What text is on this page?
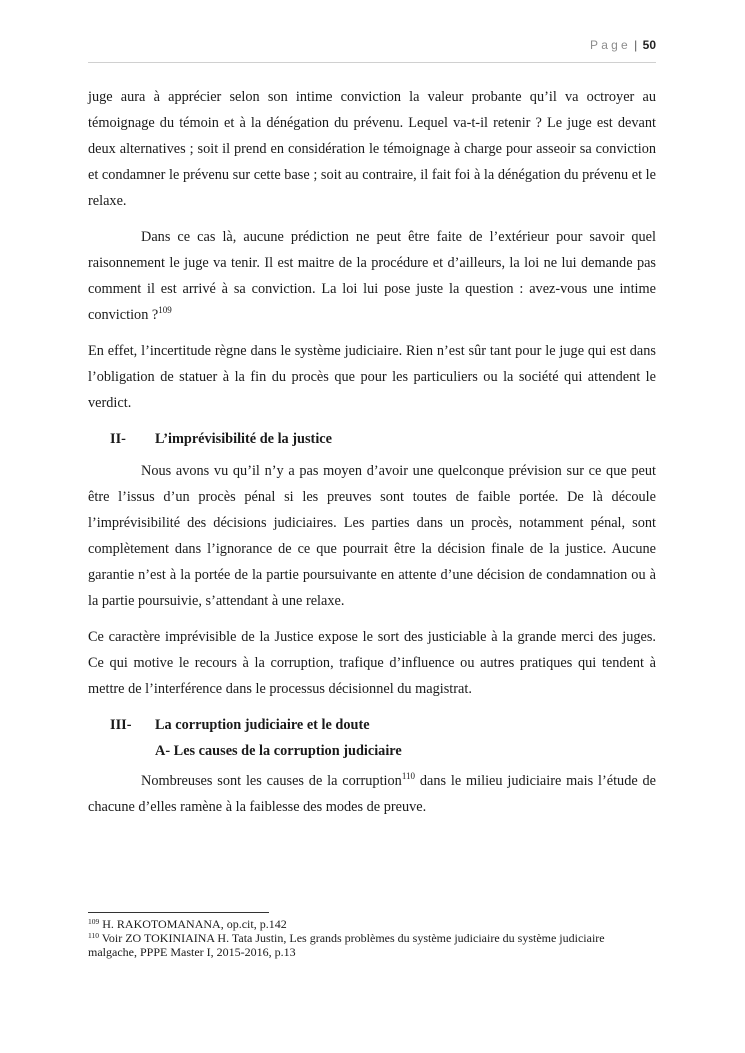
Page | 50

juge aura à apprécier selon son intime conviction la valeur probante qu’il va octroyer au témoignage du témoin et à la dénégation du prévenu. Lequel va-t-il retenir ? Le juge est devant deux alternatives ; soit il prend en considération le témoignage à charge pour asseoir sa conviction et condamner le prévenu sur cette base ; soit au contraire, il fait foi à la dénégation du prévenu et le relaxe.

Dans ce cas là, aucune prédiction ne peut être faite de l’extérieur pour savoir quel raisonnement le juge va tenir. Il est maitre de la procédure et d’ailleurs, la loi ne lui demande pas comment il est arrivé à sa conviction. La loi lui pose juste la question : avez-vous une intime conviction ?$^{109}$

En effet, l’incertitude règne dans le système judiciaire. Rien n’est sûr tant pour le juge qui est dans l’obligation de statuer à la fin du procès que pour les particuliers ou la société qui attendent le verdict.

II- L’imprévisibilité de la justice

Nous avons vu qu’il n’y a pas moyen d’avoir une quelconque prévision sur ce que peut être l’issus d’un procès pénal si les preuves sont toutes de faible portée. De là découle l’imprévisibilité des décisions judiciaires. Les parties dans un procès, notamment pénal, sont complètement dans l’ignorance de ce que pourrait être la décision finale de la justice. Aucune garantie n’est à la portée de la partie poursuivante en attente d’une décision de condamnation ou à la partie poursuivie, s’attendant à une relaxe.

Ce caractère imprévisible de la Justice expose le sort des justiciable à la grande merci des juges. Ce qui motive le recours à la corruption, trafique d’influence ou autres pratiques qui tendent à mettre de l’interférence dans le processus décisionnel du magistrat.

III- La corruption judiciaire et le doute
A- Les causes de la corruption judiciaire

Nombreuses sont les causes de la corruption$^{110}$ dans le milieu judiciaire mais l’étude de chacune d’elles ramène à la faiblesse des modes de preuve.

$^{109}$ H. RAKOTOMANANA, op.cit, p.142
$^{110}$ Voir ZO TOKINIAINA H. Tata Justin, Les grands problèmes du système judiciaire du système judiciaire malgache, PPPE Master I, 2015-2016, p.13
